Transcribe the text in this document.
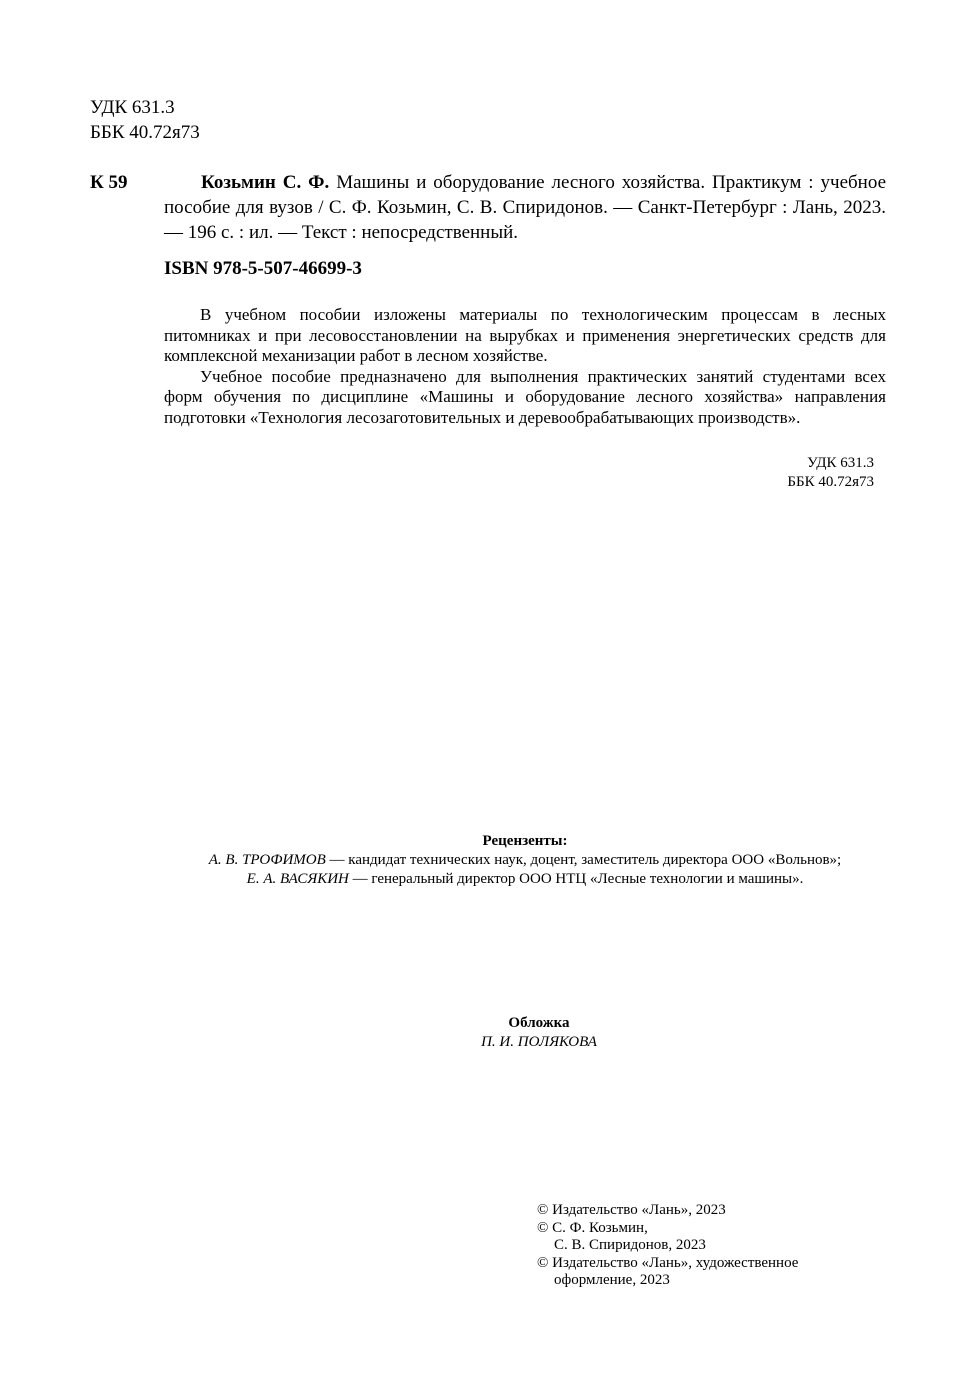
УДК 631.3
ББК 40.72я73
К 59	Козьмин С. Ф. Машины и оборудование лесного хозяйства. Практикум : учебное пособие для вузов / С. Ф. Козьмин, С. В. Спиридонов. — Санкт-Петербург : Лань, 2023. — 196 с. : ил. — Текст : непосредственный.
ISBN 978-5-507-46699-3

В учебном пособии изложены материалы по технологическим процессам в лесных питомниках и при лесовосстановлении на вырубках и применения энергетических средств для комплексной механизации работ в лесном хозяйстве.

Учебное пособие предназначено для выполнения практических занятий студентами всех форм обучения по дисциплине «Машины и оборудование лесного хозяйства» направления подготовки «Технология лесозаготовительных и деревообрабатывающих производств».

УДК 631.3
ББК 40.72я73
Рецензенты:
А. В. ТРОФИМОВ — кандидат технических наук, доцент, заместитель директора ООО «Вольнов»;
Е. А. ВАСЯКИН — генеральный директор ООО НТЦ «Лесные технологии и машины».
Обложка
П. И. ПОЛЯКОВА
© Издательство «Лань», 2023
© С. Ф. Козьмин,
С. В. Спиридонов, 2023
© Издательство «Лань», художественное
оформление, 2023
